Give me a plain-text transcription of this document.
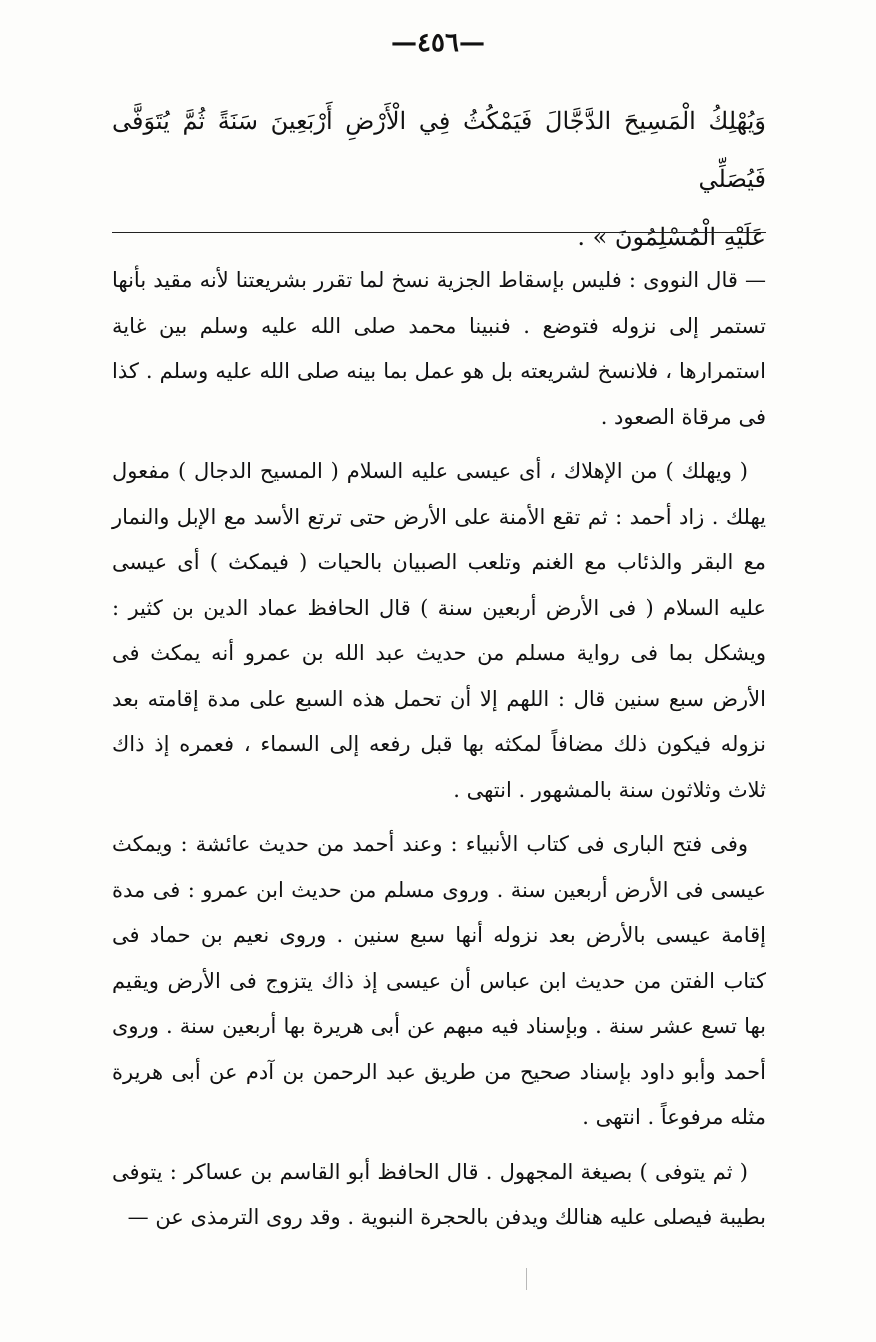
—٤٥٦—

وَيُهْلِكُ الْمَسِيحَ الدَّجَّالَ فَيَمْكُثُ فِي الْأَرْضِ أَرْبَعِينَ سَنَةً ثُمَّ يُتَوَفَّى فَيُصَلِّي

عَلَيْهِ الْمُسْلِمُونَ » .

— قال النووى : فليس بإسقاط الجزية نسخ لما تقرر بشريعتنا لأنه مقيد بأنها تستمر إلى نزوله فتوضع . فنبينا محمد صلى الله عليه وسلم بين غاية استمرارها ، فلانسخ لشريعته بل هو عمل بما بينه صلى الله عليه وسلم . كذا فى مرقاة الصعود .

( ويهلك ) من الإهلاك ، أى عيسى عليه السلام ( المسيح الدجال ) مفعول يهلك . زاد أحمد : ثم تقع الأمنة على الأرض حتى ترتع الأسد مع الإبل والنمار مع البقر والذئاب مع الغنم وتلعب الصبيان بالحيات ( فيمكث ) أى عيسى عليه السلام ( فى الأرض أربعين سنة ) قال الحافظ عماد الدين بن كثير : ويشكل بما فى رواية مسلم من حديث عبد الله بن عمرو أنه يمكث فى الأرض سبع سنين قال : اللهم إلا أن تحمل هذه السبع على مدة إقامته بعد نزوله فيكون ذلك مضافاً لمكثه بها قبل رفعه إلى السماء ، فعمره إذ ذاك ثلاث وثلاثون سنة بالمشهور . انتهى .

وفى فتح البارى فى كتاب الأنبياء : وعند أحمد من حديث عائشة : ويمكث عيسى فى الأرض أربعين سنة . وروى مسلم من حديث ابن عمرو : فى مدة إقامة عيسى بالأرض بعد نزوله أنها سبع سنين . وروى نعيم بن حماد فى كتاب الفتن من حديث ابن عباس أن عيسى إذ ذاك يتزوج فى الأرض ويقيم بها تسع عشر سنة . وبإسناد فيه مبهم عن أبى هريرة بها أربعين سنة . وروى أحمد وأبو داود بإسناد صحيح من طريق عبد الرحمن بن آدم عن أبى هريرة مثله مرفوعاً . انتهى .

( ثم يتوفى ) بصيغة المجهول . قال الحافظ أبو القاسم بن عساكر : يتوفى بطيبة فيصلى عليه هنالك ويدفن بالحجرة النبوية . وقد روى الترمذى عن —
